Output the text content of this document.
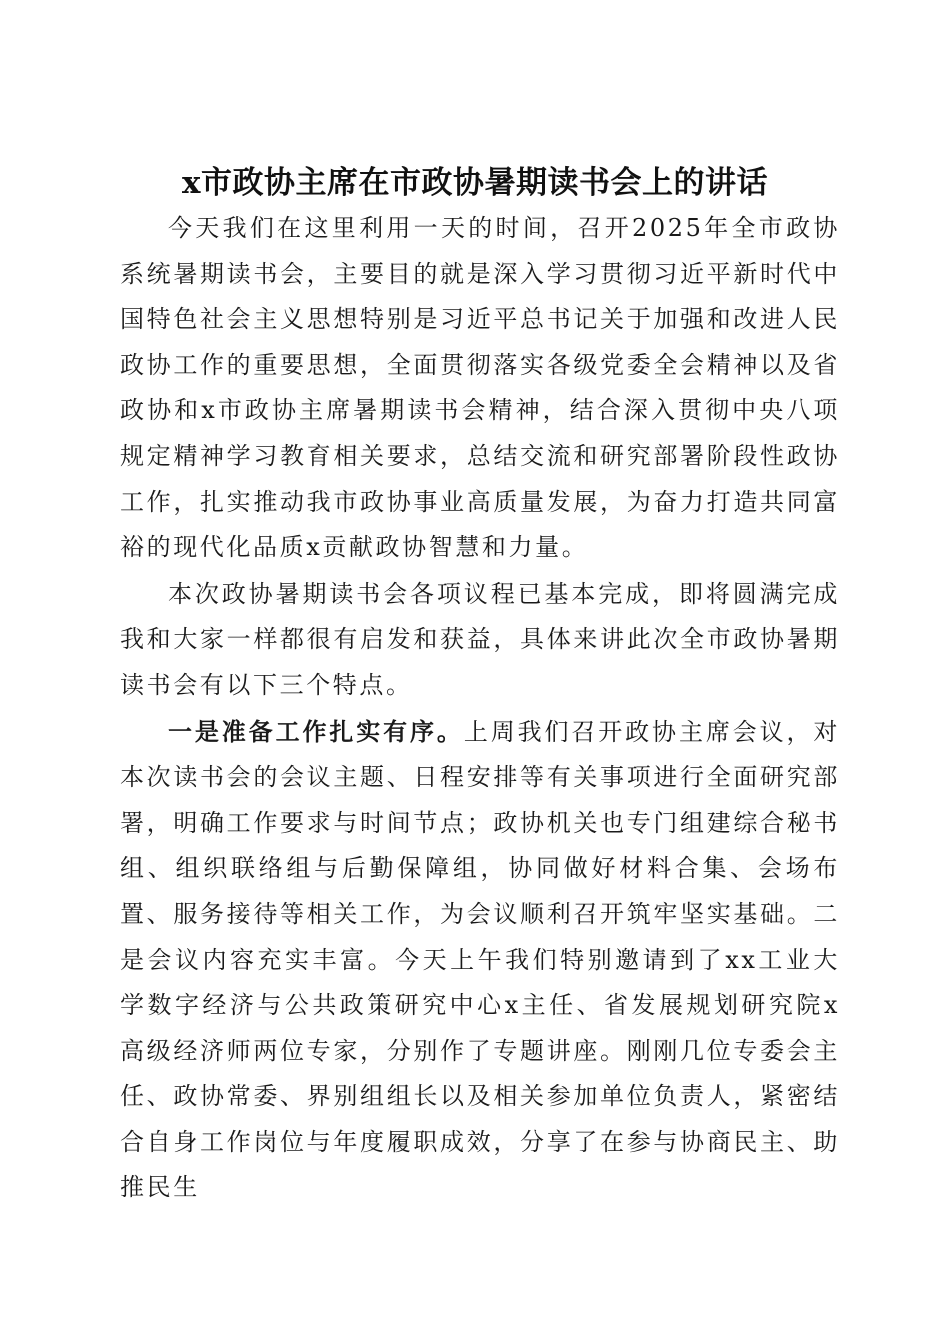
x市政协主席在市政协暑期读书会上的讲话

今天我们在这里利用一天的时间，召开2025年全市政协系统暑期读书会，主要目的就是深入学习贯彻习近平新时代中国特色社会主义思想特别是习近平总书记关于加强和改进人民政协工作的重要思想，全面贯彻落实各级党委全会精神以及省政协和x市政协主席暑期读书会精神，结合深入贯彻中央八项规定精神学习教育相关要求，总结交流和研究部署阶段性政协工作，扎实推动我市政协事业高质量发展，为奋力打造共同富裕的现代化品质x贡献政协智慧和力量。

本次政协暑期读书会各项议程已基本完成，即将圆满完成我和大家一样都很有启发和获益，具体来讲此次全市政协暑期读书会有以下三个特点。

一是准备工作扎实有序。上周我们召开政协主席会议，对本次读书会的会议主题、日程安排等有关事项进行全面研究部署，明确工作要求与时间节点；政协机关也专门组建综合秘书组、组织联络组与后勤保障组，协同做好材料合集、会场布置、服务接待等相关工作，为会议顺利召开筑牢坚实基础。二是会议内容充实丰富。今天上午我们特别邀请到了xx工业大学数字经济与公共政策研究中心x主任、省发展规划研究院x高级经济师两位专家，分别作了专题讲座。刚刚几位专委会主任、政协常委、界别组组长以及相关参加单位负责人，紧密结合自身工作岗位与年度履职成效，分享了在参与协商民主、助推民生
